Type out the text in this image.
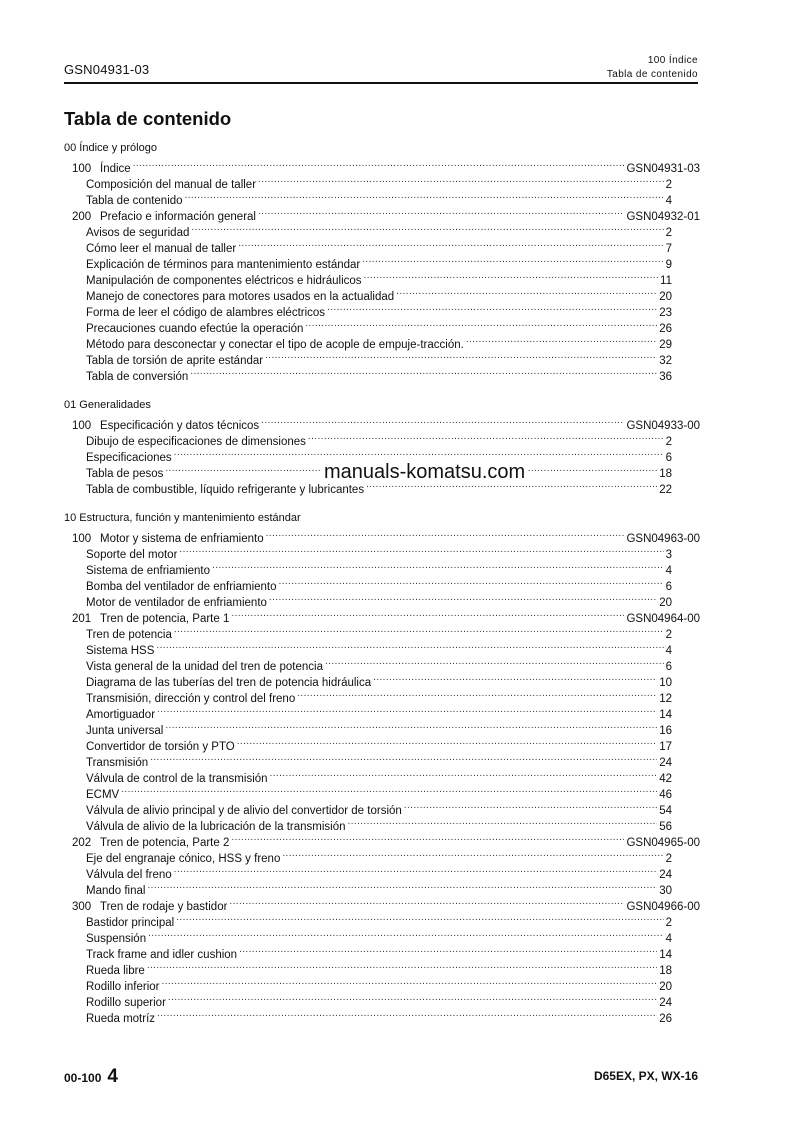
GSN04931-03
100 Índice
Tabla de contenido
Tabla de contenido
00 Índice y prólogo
100 Índice .....	GSN04931-03
Composición del manual de taller .....	2
Tabla de contenido .....	4
200 Prefacio e información general .....	GSN04932-01
Avisos de seguridad .....	2
Cómo leer el manual de taller .....	7
Explicación de términos para mantenimiento estándar .....	9
Manipulación de componentes eléctricos e hidráulicos .....	11
Manejo de conectores para motores usados en la actualidad .....	20
Forma de leer el código de alambres eléctricos .....	23
Precauciones cuando efectúe la operación .....	26
Método para desconectar y conectar el tipo de acople de empuje-tracción. .....	29
Tabla de torsión de aprite estándar .....	32
Tabla de conversión .....	36
01 Generalidades
100 Especificación y datos técnicos .....	GSN04933-00
Dibujo de especificaciones de dimensiones .....	2
Especificaciones .....	6
Tabla de pesos .....	18
Tabla de combustible, líquido refrigerante y lubricantes .....	22
10 Estructura, función y mantenimiento estándar
100 Motor y sistema de enfriamiento .....	GSN04963-00
Soporte del motor .....	3
Sistema de enfriamiento .....	4
Bomba del ventilador de enfriamiento .....	6
Motor de ventilador de enfriamiento .....	20
201 Tren de potencia, Parte 1 .....	GSN04964-00
Tren de potencia .....	2
Sistema HSS .....	4
Vista general de la unidad del tren de potencia .....	6
Diagrama de las tuberías del tren de potencia hidráulica .....	10
Transmisión, dirección y control del freno .....	12
Amortiguador .....	14
Junta universal .....	16
Convertidor de torsión y PTO .....	17
Transmisión .....	24
Válvula de control de la transmisión .....	42
ECMV .....	46
Válvula de alivio principal y de alivio del convertidor de torsión .....	54
Válvula de alivio de la lubricación de la transmisión .....	56
202 Tren de potencia, Parte 2 .....	GSN04965-00
Eje del engranaje cónico, HSS y freno .....	2
Válvula del freno .....	24
Mando final .....	30
300 Tren de rodaje y bastidor .....	GSN04966-00
Bastidor principal .....	2
Suspensión .....	4
Track frame and idler cushion .....	14
Rueda libre .....	18
Rodillo inferior .....	20
Rodillo superior .....	24
Rueda motríz .....	26
manuals-komatsu.com
00-100 4	D65EX, PX, WX-16
